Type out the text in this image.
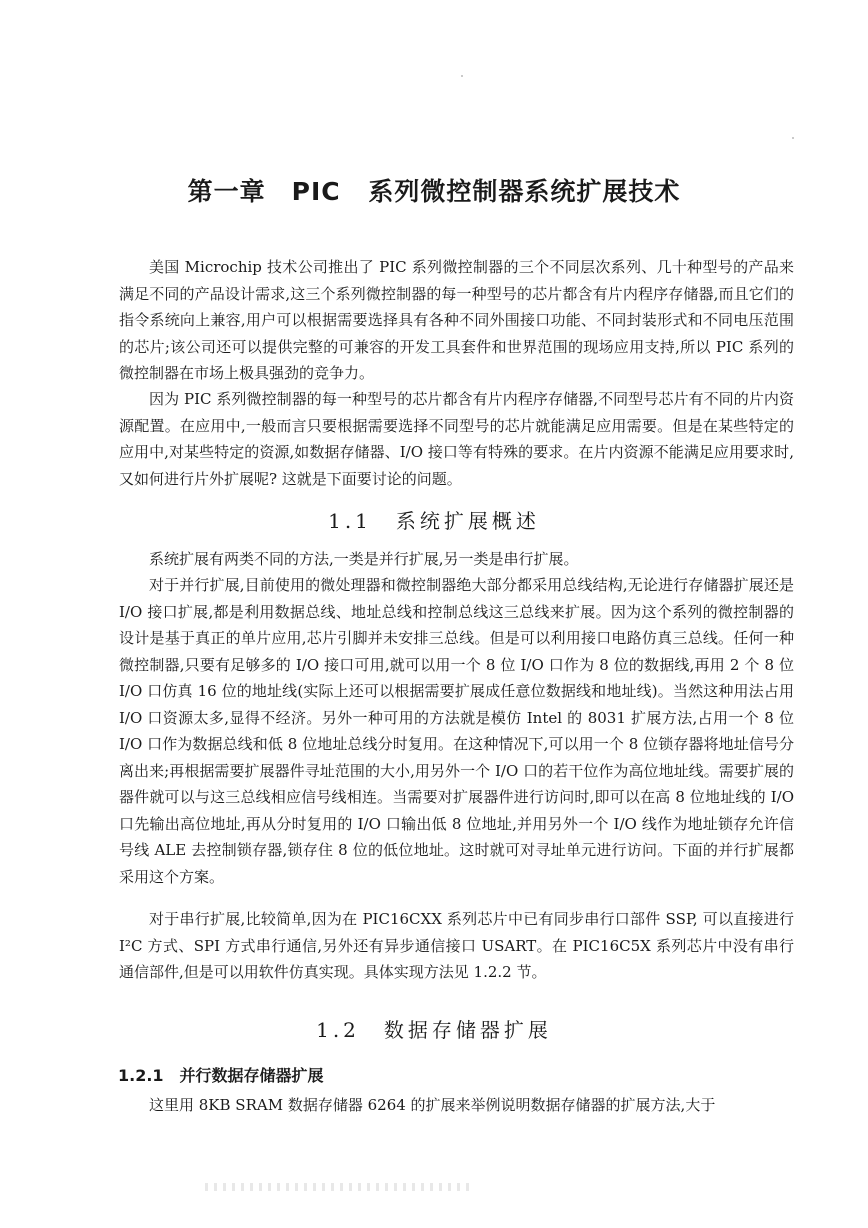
第一章　PIC 系列微控制器系统扩展技术

美国 Microchip 技术公司推出了 PIC 系列微控制器的三个不同层次系列、几十种型号的产品来满足不同的产品设计需求,这三个系列微控制器的每一种型号的芯片都含有片内程序存储器,而且它们的指令系统向上兼容,用户可以根据需要选择具有各种不同外围接口功能、不同封装形式和不同电压范围的芯片;该公司还可以提供完整的可兼容的开发工具套件和世界范围的现场应用支持,所以 PIC 系列的微控制器在市场上极具强劲的竞争力。

因为 PIC 系列微控制器的每一种型号的芯片都含有片内程序存储器,不同型号芯片有不同的片内资源配置。在应用中,一般而言只要根据需要选择不同型号的芯片就能满足应用需要。但是在某些特定的应用中,对某些特定的资源,如数据存储器、I/O 接口等有特殊的要求。在片内资源不能满足应用要求时,又如何进行片外扩展呢? 这就是下面要讨论的问题。

1.1　系统扩展概述

系统扩展有两类不同的方法,一类是并行扩展,另一类是串行扩展。

对于并行扩展,目前使用的微处理器和微控制器绝大部分都采用总线结构,无论进行存储器扩展还是 I/O 接口扩展,都是利用数据总线、地址总线和控制总线这三总线来扩展。因为这个系列的微控制器的设计是基于真正的单片应用,芯片引脚并未安排三总线。但是可以利用接口电路仿真三总线。任何一种微控制器,只要有足够多的 I/O 接口可用,就可以用一个 8 位 I/O 口作为 8 位的数据线,再用 2 个 8 位 I/O 口仿真 16 位的地址线(实际上还可以根据需要扩展成任意位数据线和地址线)。当然这种用法占用 I/O 口资源太多,显得不经济。另外一种可用的方法就是模仿 Intel 的 8031 扩展方法,占用一个 8 位 I/O 口作为数据总线和低 8 位地址总线分时复用。在这种情况下,可以用一个 8 位锁存器将地址信号分离出来;再根据需要扩展器件寻址范围的大小,用另外一个 I/O 口的若干位作为高位地址线。需要扩展的器件就可以与这三总线相应信号线相连。当需要对扩展器件进行访问时,即可以在高 8 位地址线的 I/O 口先输出高位地址,再从分时复用的 I/O 口输出低 8 位地址,并用另外一个 I/O 线作为地址锁存允许信号线 ALE 去控制锁存器,锁存住 8 位的低位地址。这时就可对寻址单元进行访问。下面的并行扩展都采用这个方案。

对于串行扩展,比较简单,因为在 PIC16CXX 系列芯片中已有同步串行口部件 SSP, 可以直接进行 I²C 方式、SPI 方式串行通信,另外还有异步通信接口 USART。在 PIC16C5X 系列芯片中没有串行通信部件,但是可以用软件仿真实现。具体实现方法见 1.2.2 节。

1.2　数据存储器扩展
1.2.1　并行数据存储器扩展

这里用 8KB SRAM 数据存储器 6264 的扩展来举例说明数据存储器的扩展方法,大于
